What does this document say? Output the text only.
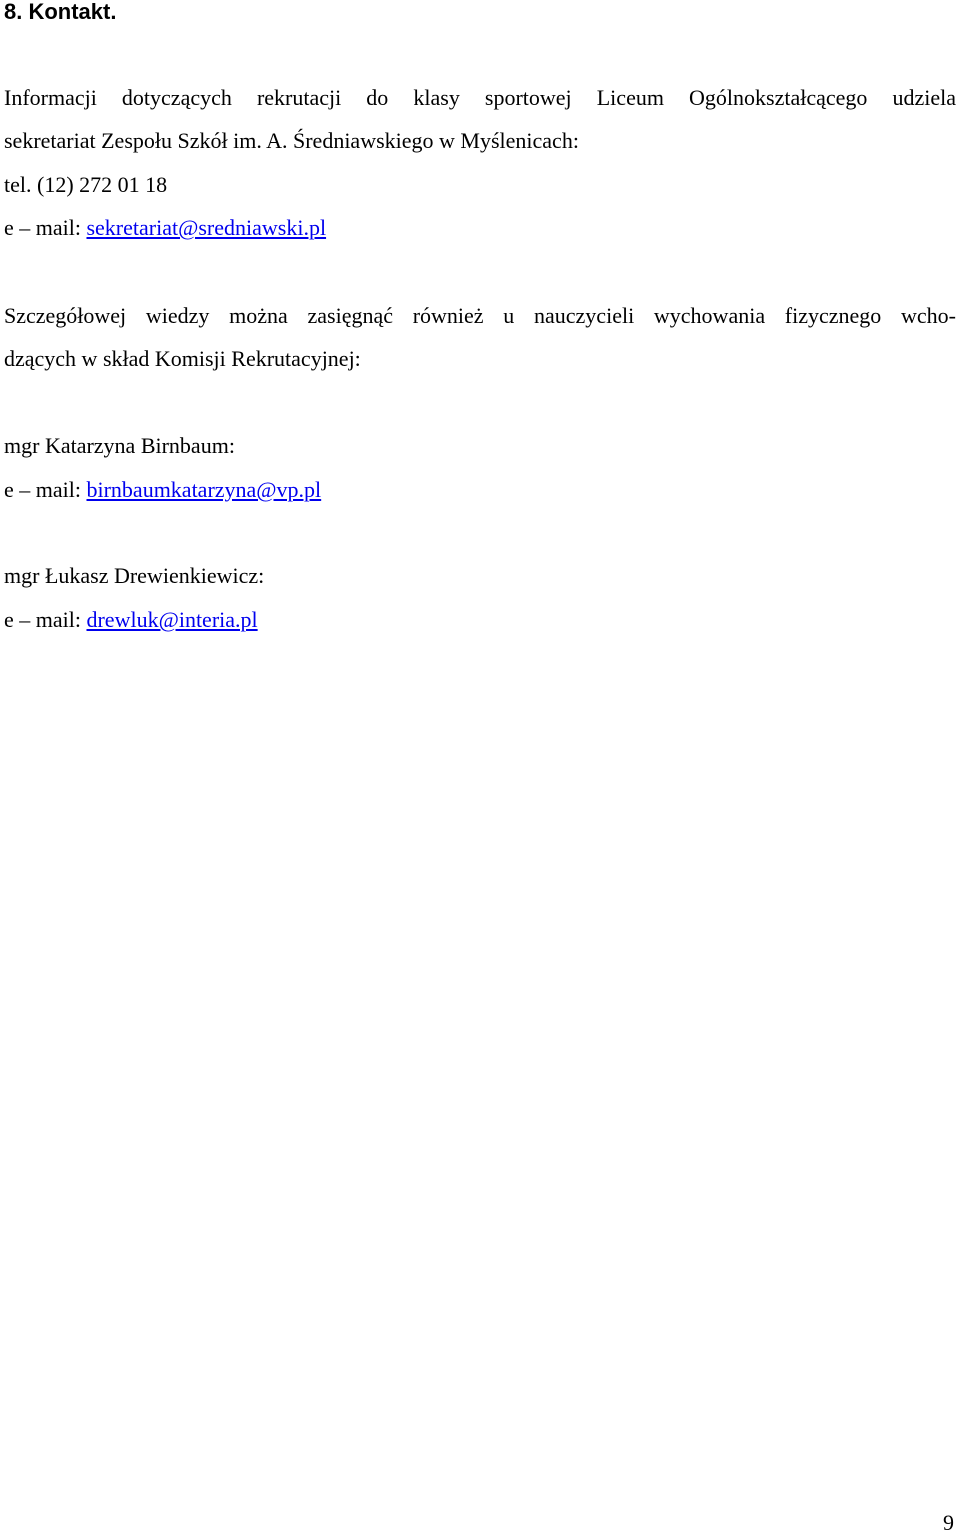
8. Kontakt.

Informacji dotyczących rekrutacji do klasy sportowej Liceum Ogólnokształcącego udziela

sekretariat Zespołu Szkół im. A. Średniawskiego w Myślenicach:

tel. (12) 272 01 18

e – mail: sekretariat@sredniawski.pl

Szczegółowej wiedzy można zasięgnąć również u nauczycieli wychowania fizycznego wcho-

dzących w skład Komisji Rekrutacyjnej:

mgr Katarzyna Birnbaum:

e – mail: birnbaumkatarzyna@vp.pl

mgr Łukasz Drewienkiewicz:

e – mail: drewluk@interia.pl

9
